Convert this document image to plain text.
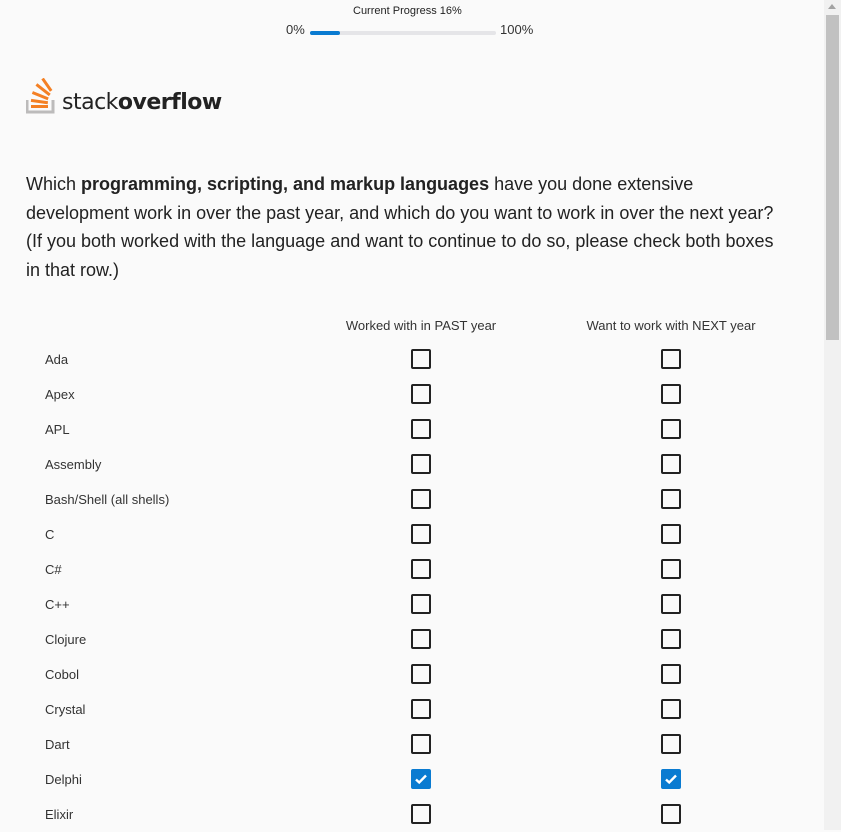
Current Progress 16%
0%	100%
stackoverflow
Which programming, scripting, and markup languages have you done extensive development work in over the past year, and which do you want to work in over the next year? (If you both worked with the language and want to continue to do so, please check both boxes in that row.)
Worked with in PAST year	Want to work with NEXT year
Ada
Apex
APL
Assembly
Bash/Shell (all shells)
C
C#
C++
Clojure
Cobol
Crystal
Dart
Delphi
Elixir
